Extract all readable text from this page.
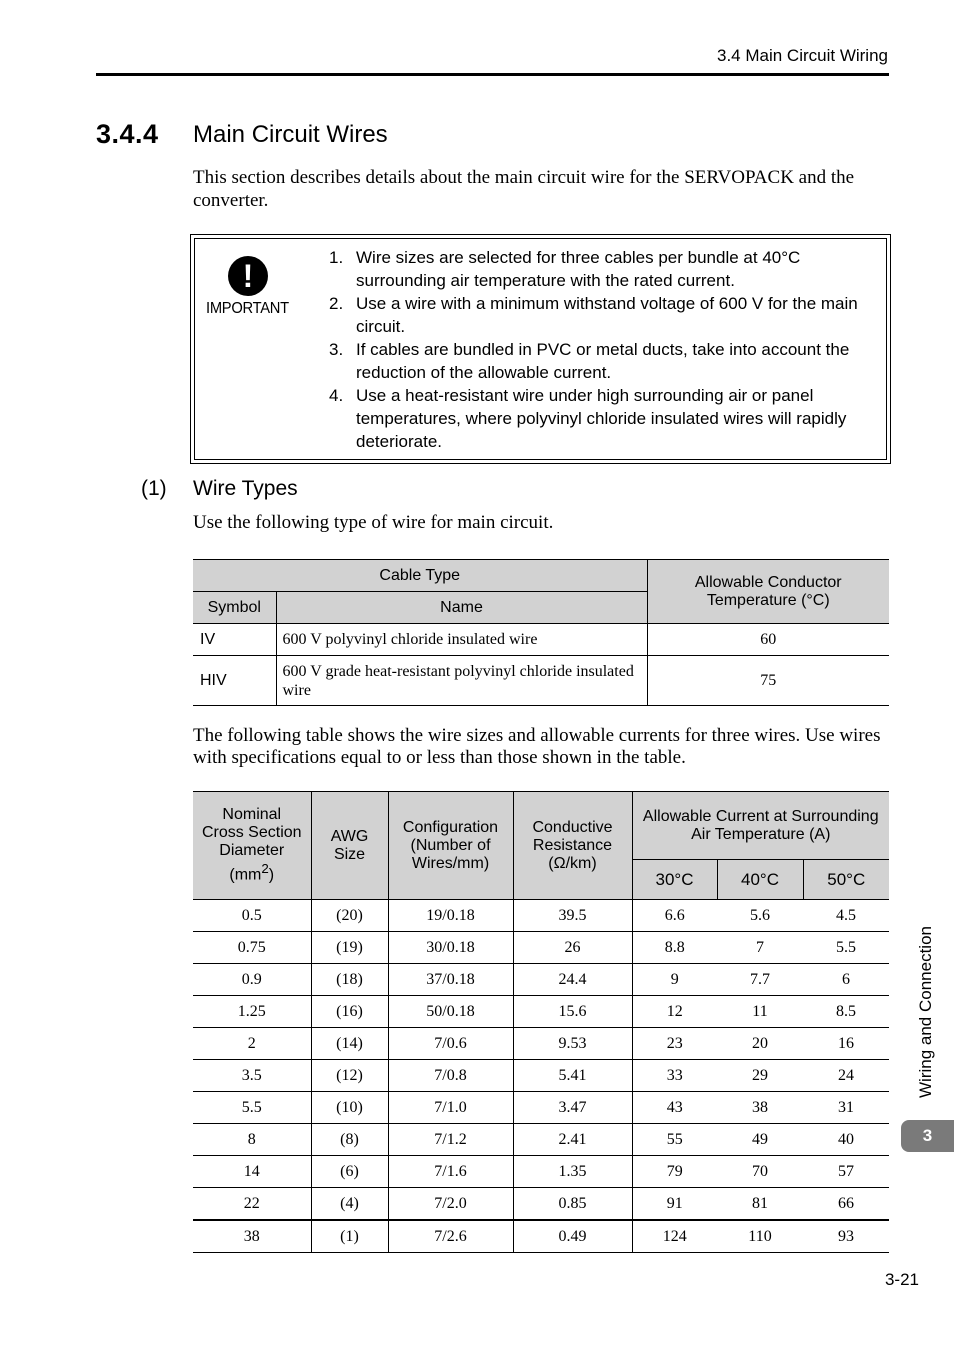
3.4 Main Circuit Wiring
3.4.4 Main Circuit Wires
This section describes details about the main circuit wire for the SERVOPACK and the converter.
!
IMPORTANT
1. Wire sizes are selected for three cables per bundle at 40°C surrounding air temperature with the rated current.
2. Use a wire with a minimum withstand voltage of 600 V for the main circuit.
3. If cables are bundled in PVC or metal ducts, take into account the reduction of the allowable current.
4. Use a heat-resistant wire under high surrounding air or panel temperatures, where polyvinyl chloride insulated wires will rapidly deteriorate.
(1) Wire Types
Use the following type of wire for main circuit.
Cable Type		Allowable Conductor Temperature (°C)
Symbol	Name	
IV	600 V polyvinyl chloride insulated wire	60
HIV	600 V grade heat-resistant polyvinyl chloride insulated wire	75
The following table shows the wire sizes and allowable currents for three wires. Use wires with specifications equal to or less than those shown in the table.
Nominal Cross Section Diameter
$(mm^2)$	AWG Size	Configuration (Number of Wires/mm)	Conductive Resistance (Ω/km)	Allowable Current at Surrounding Air Temperature (A)		
				30°C	40°C	50°C
0.5	(20)	19/0.18	39.5	6.6	5.6	4.5
0.75	(19)	30/0.18	26	8.8	7	5.5
0.9	(18)	37/0.18	24.4	9	7.7	6
1.25	(16)	50/0.18	15.6	12	11	8.5
2	(14)	7/0.6	9.53	23	20	16
3.5	(12)	7/0.8	5.41	33	29	24
5.5	(10)	7/1.0	3.47	43	38	31
8	(8)	7/1.2	2.41	55	49	40
14	(6)	7/1.6	1.35	79	70	57
22	(4)	7/2.0	0.85	91	81	66
38	(1)	7/2.6	0.49	124	110	93
Wiring and Connection
3
3-21
